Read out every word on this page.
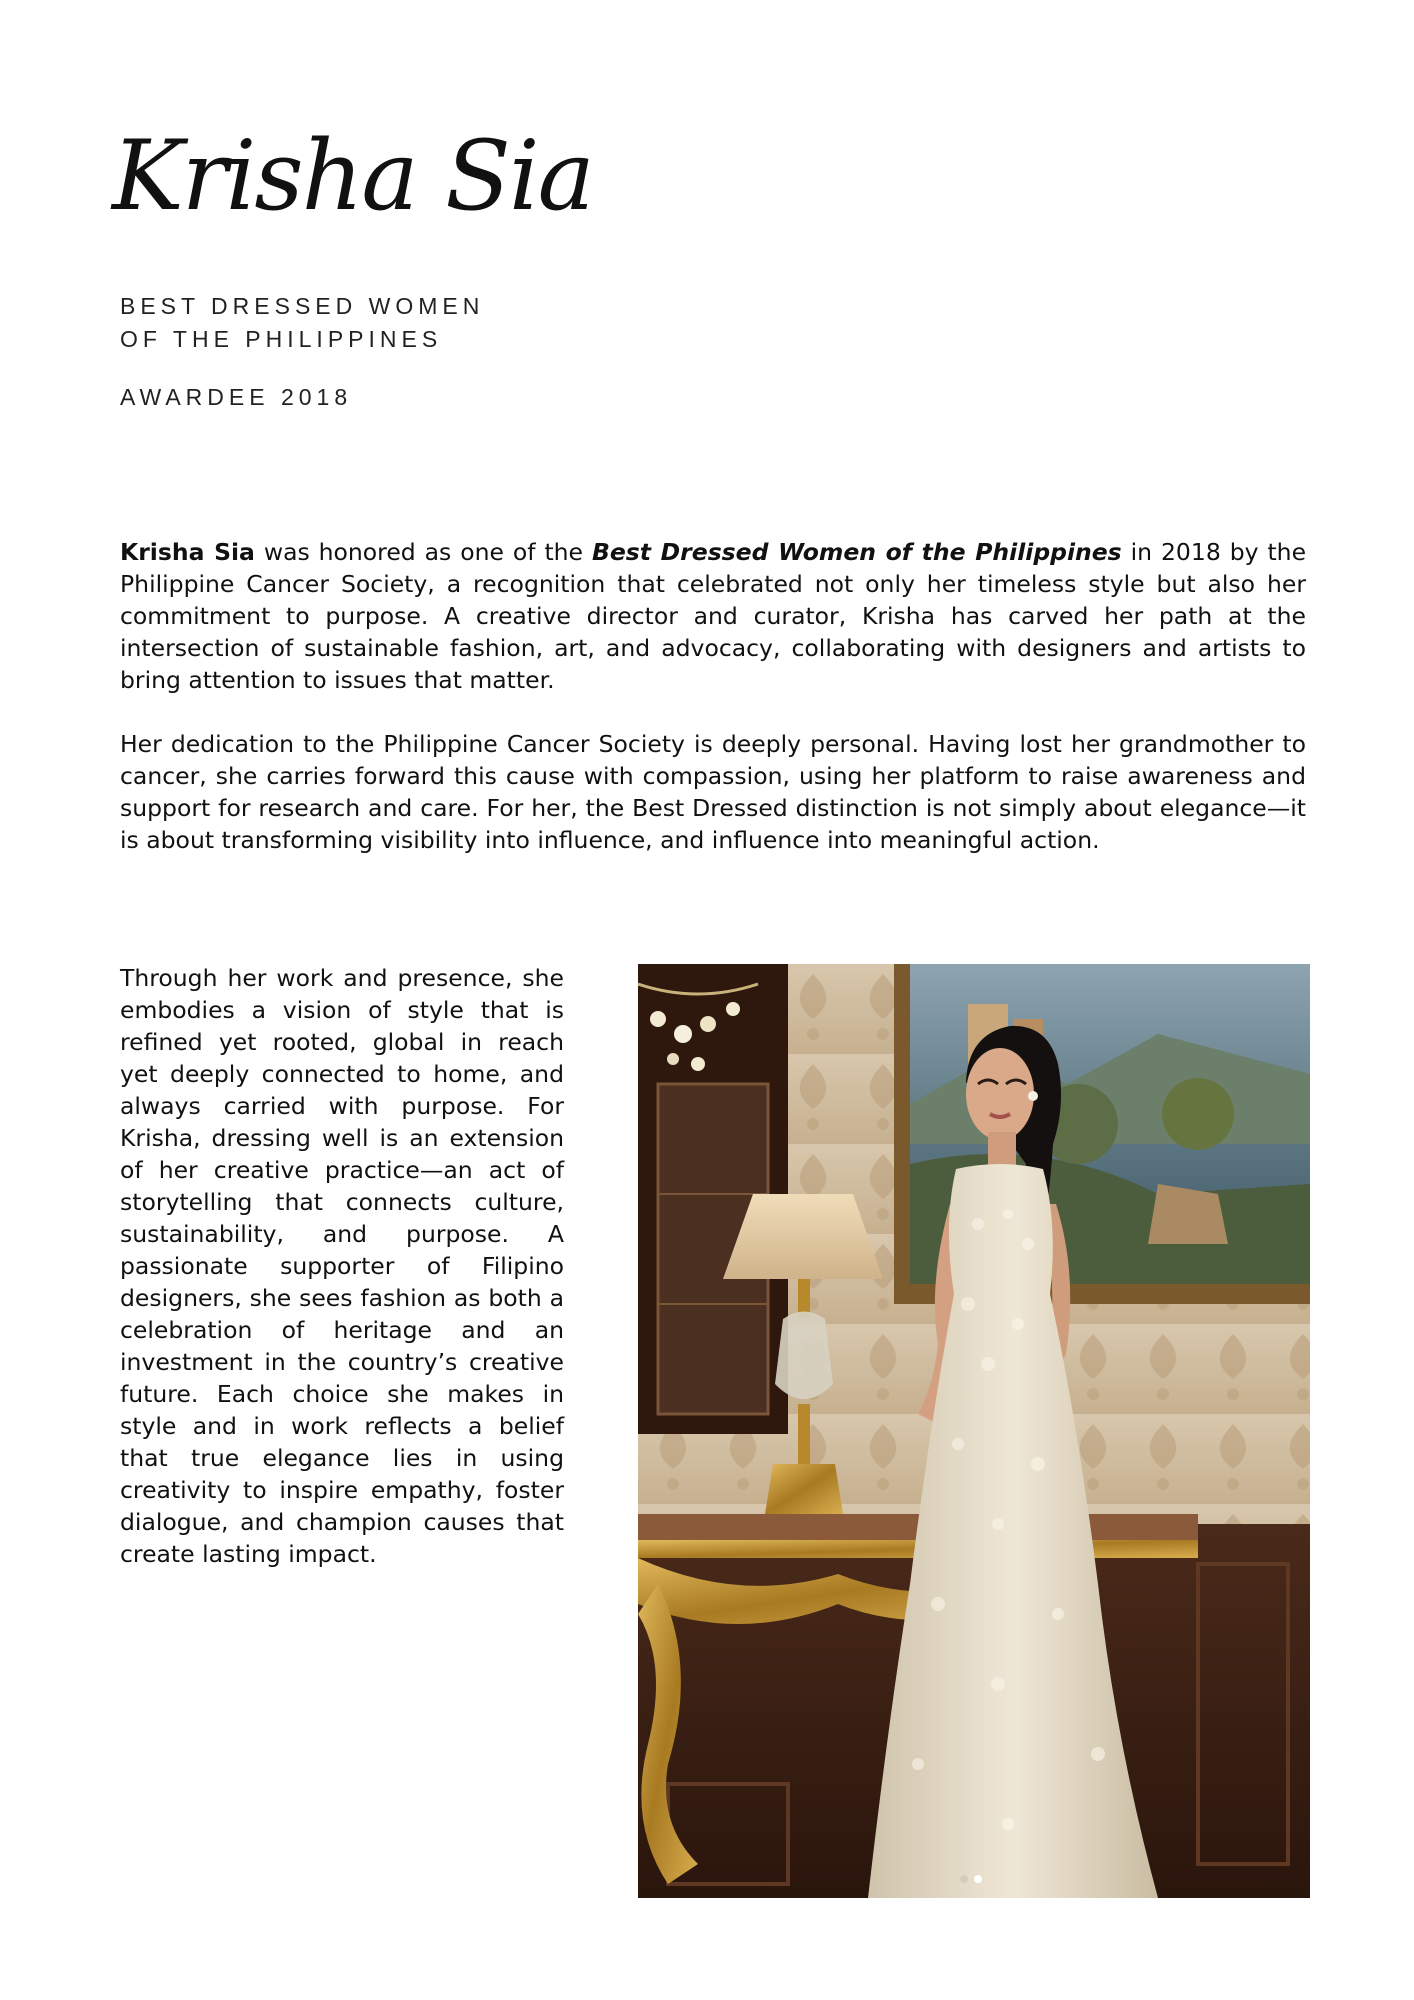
Krisha Sia
BEST DRESSED WOMEN
OF THE PHILIPPINES
AWARDEE 2018

Krisha Sia was honored as one of the Best Dressed Women of the Philippines in 2018 by the Philippine Cancer Society, a recognition that celebrated not only her timeless style but also her commitment to purpose. A creative director and curator, Krisha has carved her path at the intersection of sustainable fashion, art, and advocacy, collaborating with designers and artists to bring attention to issues that matter.

Her dedication to the Philippine Cancer Society is deeply personal. Having lost her grandmother to cancer, she carries forward this cause with compassion, using her platform to raise awareness and support for research and care. For her, the Best Dressed distinction is not simply about elegance—it is about transforming visibility into influence, and influence into meaningful action.

Through her work and presence, she embodies a vision of style that is refined yet rooted, global in reach yet deeply connected to home, and always carried with purpose. For Krisha, dressing well is an extension of her creative practice—an act of storytelling that connects culture, sustainability, and purpose. A passionate supporter of Filipino designers, she sees fashion as both a celebration of heritage and an investment in the country’s creative future. Each choice she makes in style and in work reflects a belief that true elegance lies in using creativity to inspire empathy, foster dialogue, and champion causes that create lasting impact.
